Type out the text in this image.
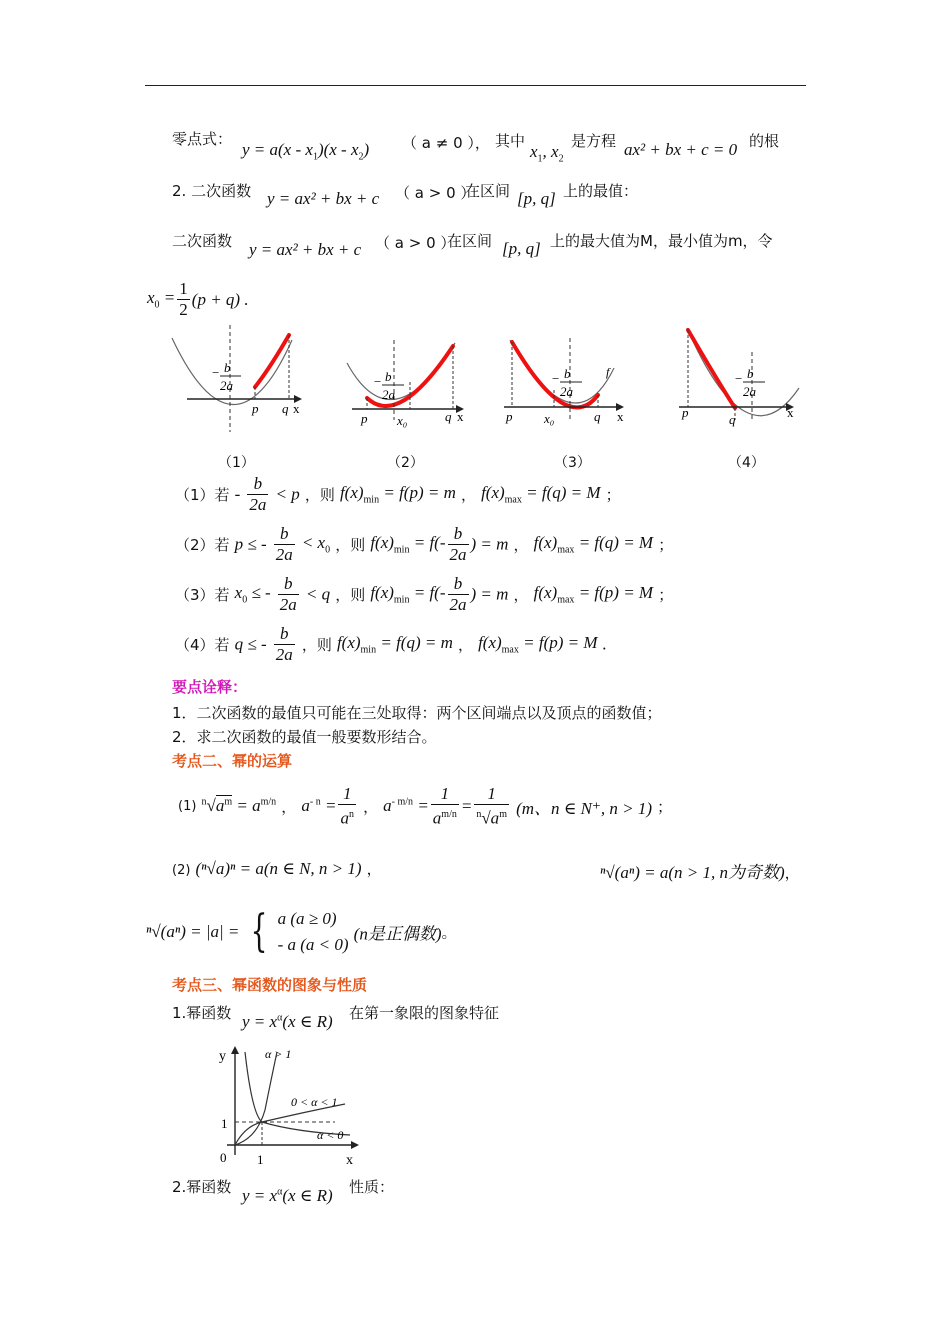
零点式：
$y = a(x - x_1)(x - x_2)$ （ a ≠ 0 ）， 其中
$x_1$, $x_2$
是方程 ax² + bx + c = 0 的根
2. 二次函数 y = ax² + bx + c （ a > 0 ）
在区间 [p, q] 上的最值：
二次函数 y = ax² + bx + c （ a > 0 ）
在区间 [p, q] 上的最大值为M，最小值为m，令
$x_0 = \frac{1}{2} (p + q)$ .
− b
2a
p q x
− b
2a
p x₀	q x
− b
2a
f
p x₀	q x
− b
2a
p	q	x
（1）	（2）	（3）	（4）
（1）若 - $\frac{b}{2a} < p$ ，则 $f(x)_{min} = f(p) = m$ ， $f(x)_{max} = f(q) = M$ ；
（2）若 p ≤ - $\frac{b}{2a} < x_0$ ，则 $f(x)_{min} = f(- \frac{b}{2a}$ ) = m ， $f(x)_{max} = f(q) = M$ ；
（3）若 $x_0$ ≤ - $\frac{b}{2a} < q$ ，则 $f(x)_{min} = f(- \frac{b}{2a}$ ) = m ， $f(x)_{max} = f(p) = M$ ；
（4）若 q ≤ - $\frac{b}{2a}$ ，则 $f(x)_{min} = f(q) = m$ ， $f(x)_{max} = f(p) = M$ .
要点诠释：
1．二次函数的最值只可能在三处取得：两个区间端点以及顶点的函数值；
2．求二次函数的最值一般要数形结合。
考点二、幂的运算
(1) $^n√a^m = a^{m/n}$ ， $a^{- n} = \frac{1}{a^n}$ ， $a^{- m/n} = \frac{1}{a^{m/n}} = \frac{1}{^n√a^m} (m$、n ∈ N⁺, n > 1) ；
(2) (ⁿ√a)ⁿ = a(n ∈ N, n > 1) ，	ⁿ√(aⁿ) = a(n > 1, n为奇数)，
ⁿ√(aⁿ) = |a| = { a (a ≥ 0)
- a (a < 0)
(n是正偶数)。
考点三、幂函数的图象与性质
1.幂函数 $y = x^\alpha(x$ ∈ R) 在第一象限的图象特征
y
x
0 1
1
α > 1
0 < α < 1
α < 0
2.幂函数 $y = x^\alpha(x$ ∈ R) 性质：
